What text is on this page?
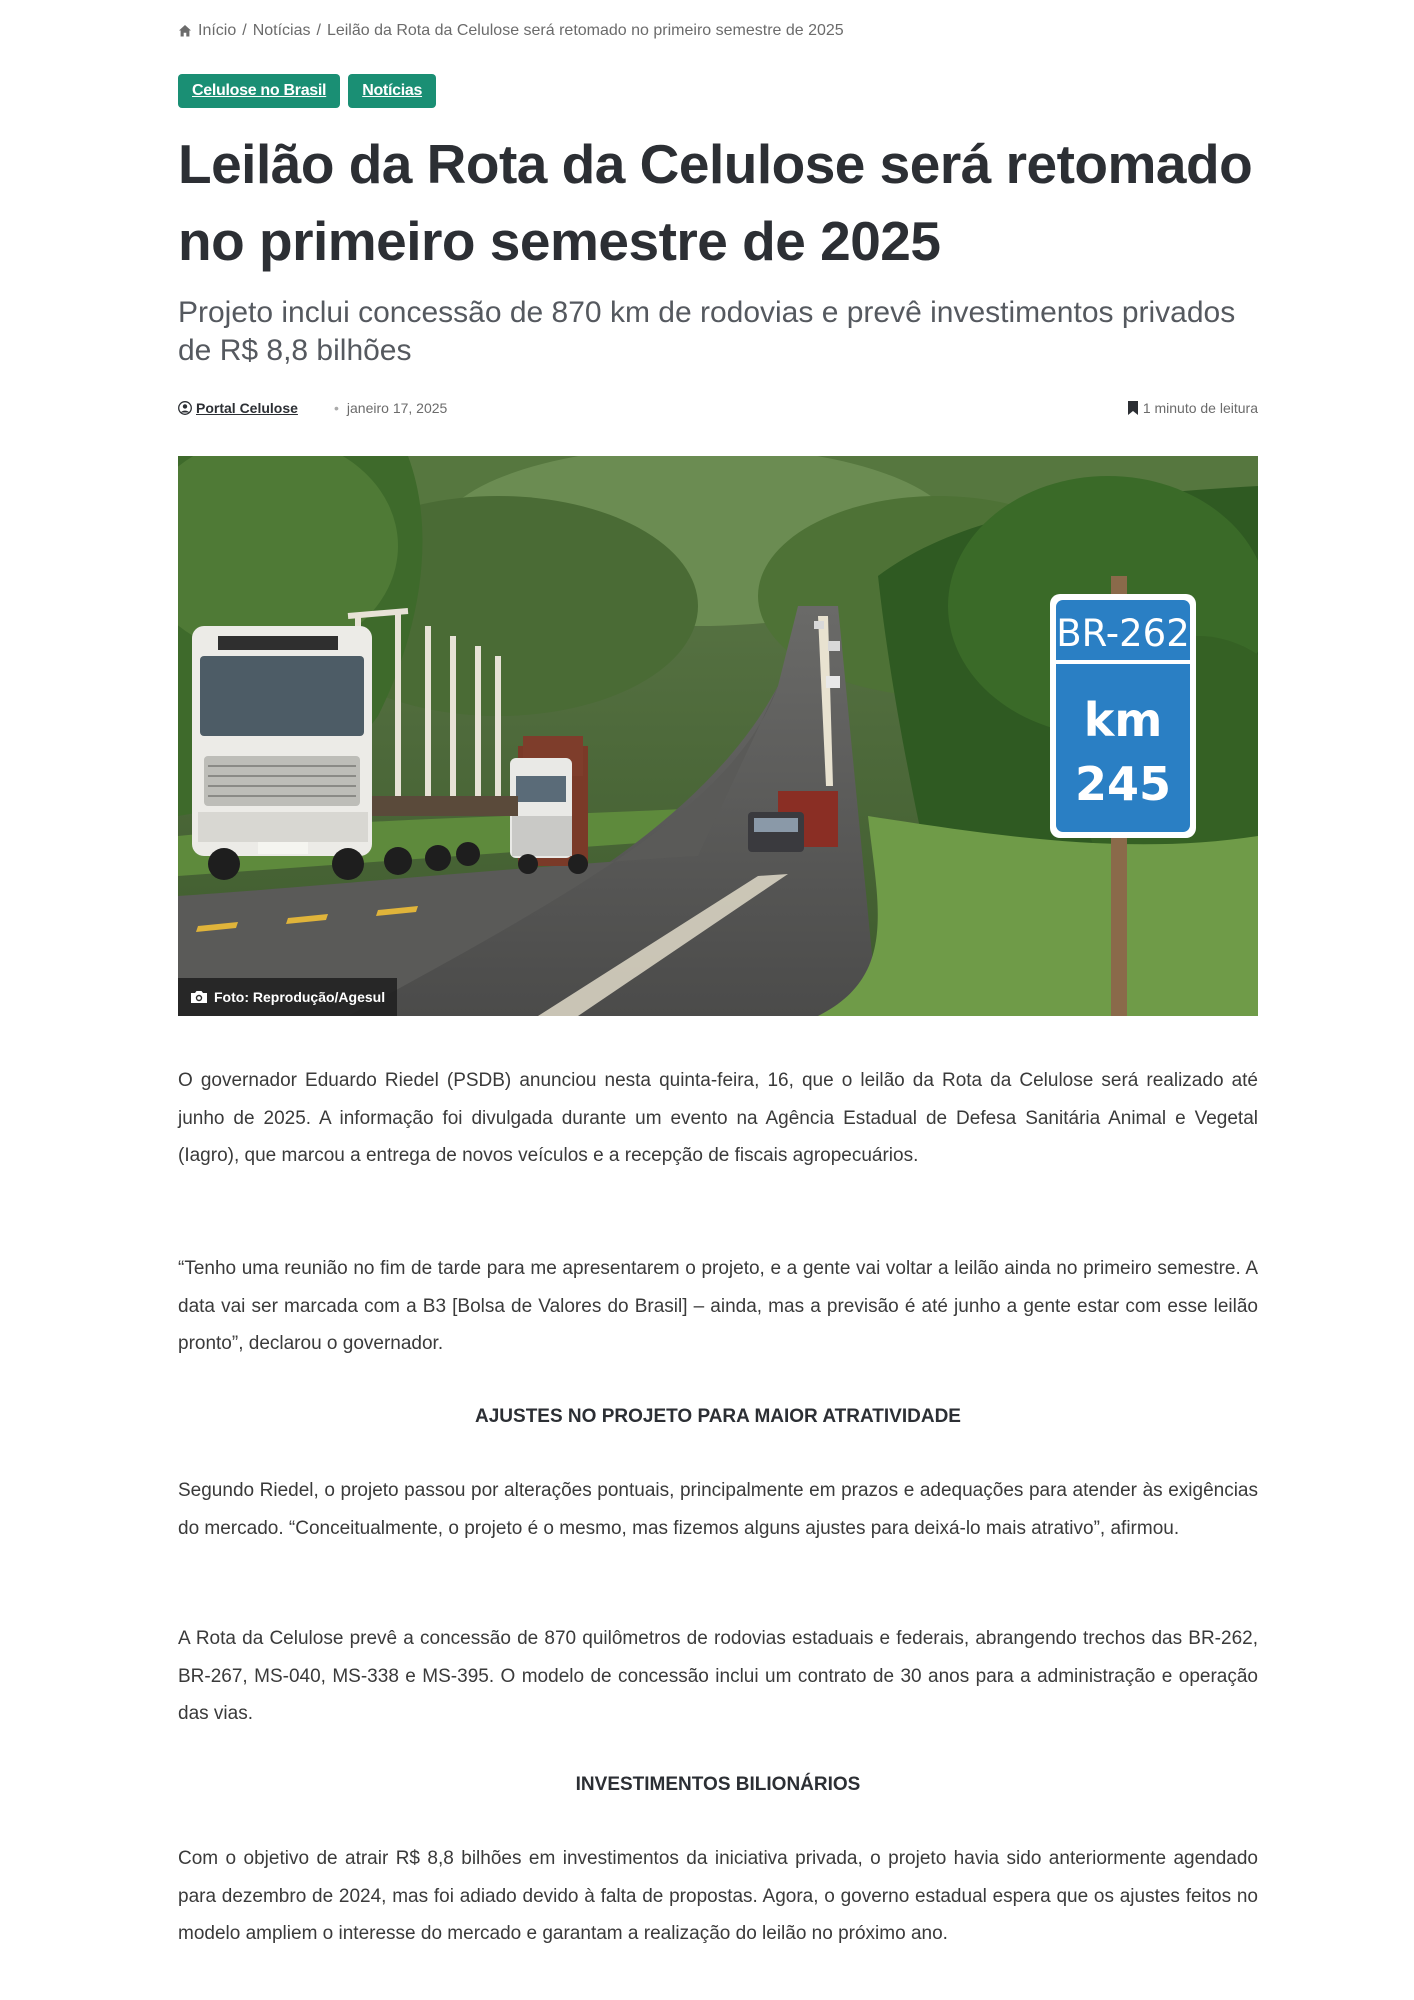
Início / Notícias / Leilão da Rota da Celulose será retomado no primeiro semestre de 2025
Celulose no Brasil	Notícias
Leilão da Rota da Celulose será retomado no primeiro semestre de 2025
Projeto inclui concessão de 870 km de rodovias e prevê investimentos privados de R$ 8,8 bilhões
Portal Celulose
•	janeiro 17, 2025	1 minuto de leitura
BR-262
km
245
Foto: Reprodução/Agesul

O governador Eduardo Riedel (PSDB) anunciou nesta quinta-feira, 16, que o leilão da Rota da Celulose será realizado até junho de 2025. A informação foi divulgada durante um evento na Agência Estadual de Defesa Sanitária Animal e Vegetal (Iagro), que marcou a entrega de novos veículos e a recepção de fiscais agropecuários.

“Tenho uma reunião no fim de tarde para me apresentarem o projeto, e a gente vai voltar a leilão ainda no primeiro semestre. A data vai ser marcada com a B3 [Bolsa de Valores do Brasil] – ainda, mas a previsão é até junho a gente estar com esse leilão pronto”, declarou o governador.

AJUSTES NO PROJETO PARA MAIOR ATRATIVIDADE

Segundo Riedel, o projeto passou por alterações pontuais, principalmente em prazos e adequações para atender às exigências do mercado. “Conceitualmente, o projeto é o mesmo, mas fizemos alguns ajustes para deixá-lo mais atrativo”, afirmou.

A Rota da Celulose prevê a concessão de 870 quilômetros de rodovias estaduais e federais, abrangendo trechos das BR-262, BR-267, MS-040, MS-338 e MS-395. O modelo de concessão inclui um contrato de 30 anos para a administração e operação das vias.

INVESTIMENTOS BILIONÁRIOS

Com o objetivo de atrair R$ 8,8 bilhões em investimentos da iniciativa privada, o projeto havia sido anteriormente agendado para dezembro de 2024, mas foi adiado devido à falta de propostas. Agora, o governo estadual espera que os ajustes feitos no modelo ampliem o interesse do mercado e garantam a realização do leilão no próximo ano.
